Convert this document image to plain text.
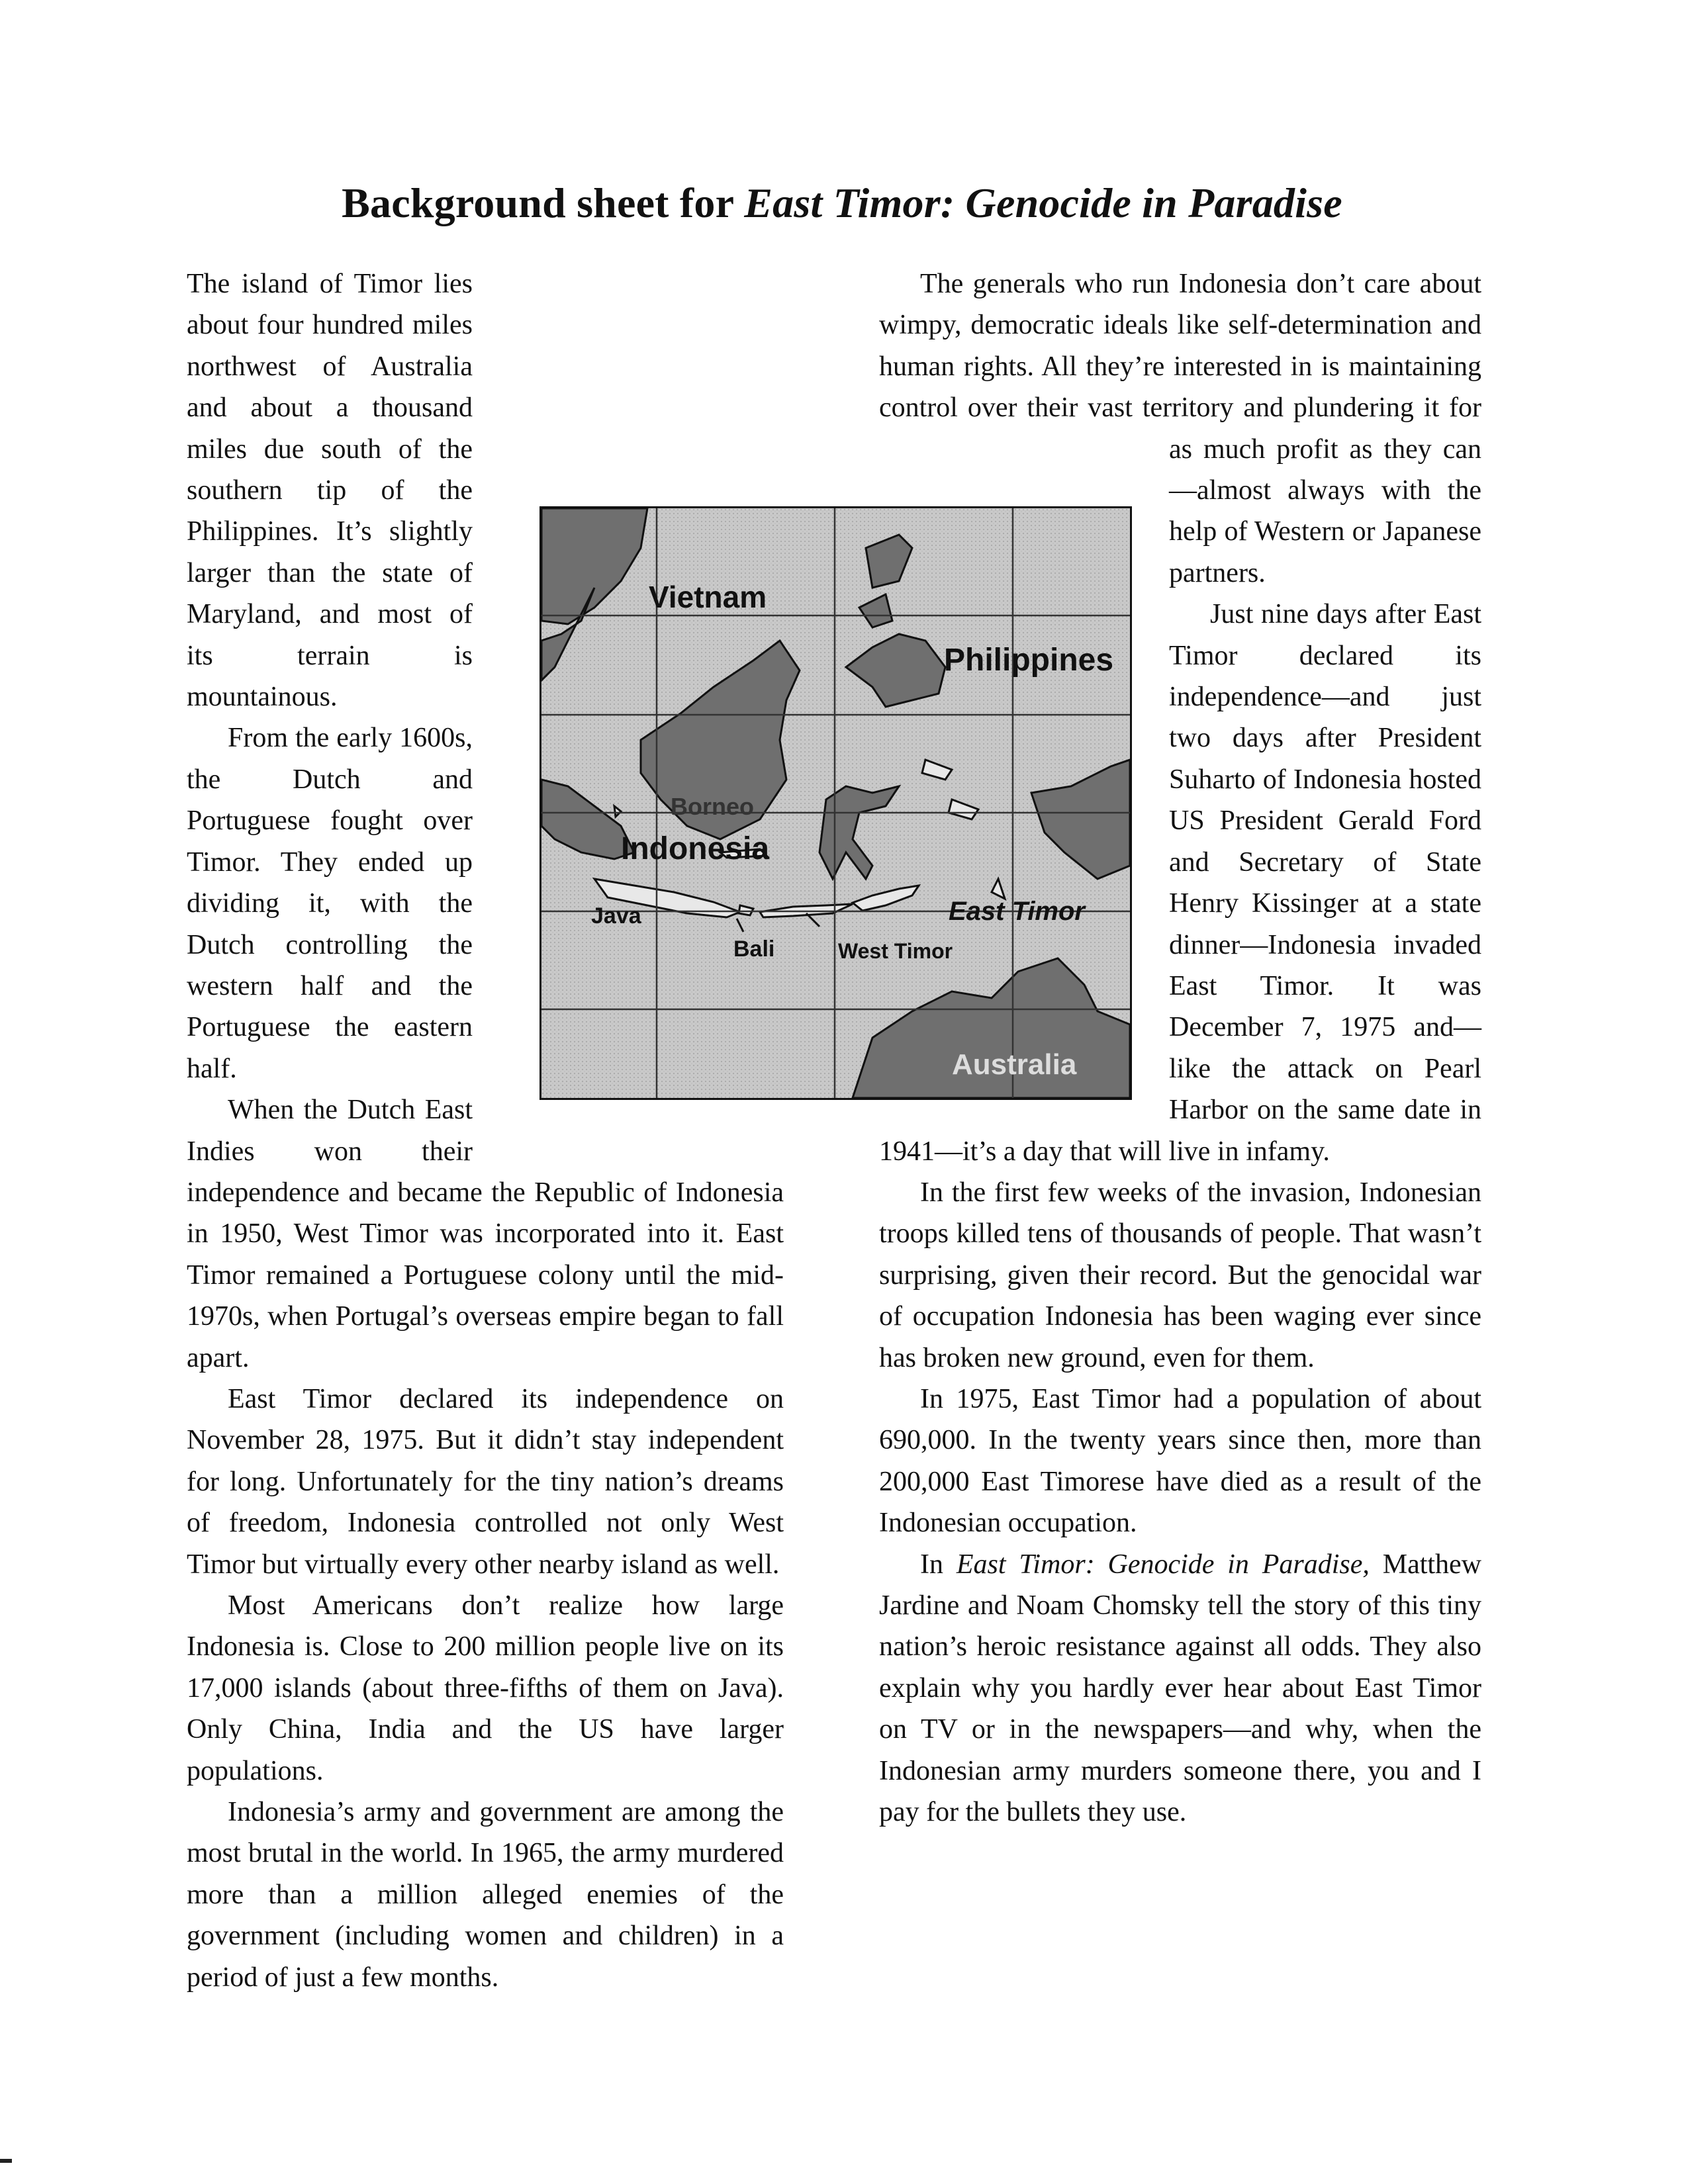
Background sheet for East Timor: Genocide in Paradise

The island of Timor lies about four hundred miles northwest of Australia and about a thousand miles due south of the southern tip of the Philippines. It’s slightly larger than the state of Maryland, and most of its terrain is mountainous.

From the early 1600s, the Dutch and Portuguese fought over Timor. They ended up dividing it, with the Dutch controlling the western half and the Portuguese the eastern half.

When the Dutch East Indies won their independence and became the Republic of Indonesia in 1950, West Timor was incorporated into it. East Timor remained a Portuguese colony until the mid-1970s, when Portugal’s overseas empire began to fall apart.

East Timor declared its independence on November 28, 1975. But it didn’t stay independent for long. Unfortunately for the tiny nation’s dreams of freedom, Indonesia controlled not only West Timor but virtually every other nearby island as well.

Most Americans don’t realize how large Indonesia is. Close to 200 million people live on its 17,000 islands (about three-fifths of them on Java). Only China, India and the US have larger populations.

Indonesia’s army and government are among the most brutal in the world. In 1965, the army murdered more than a million alleged enemies of the government (including women and children) in a period of just a few months.

The generals who run Indonesia don’t care about wimpy, democratic ideals like self-determination and human rights. All they’re interested in is maintaining control over their vast territory and plundering it for as much profit as they can—almost always with the help of Western or Japanese partners.

Just nine days after East Timor declared its independence—and just two days after President Suharto of Indonesia hosted US President Gerald Ford and Secretary of State Henry Kissinger at a state dinner—Indonesia invaded East Timor. It was December 7, 1975 and—like the attack on Pearl Harbor on the same date in 1941—it’s a day that will live in infamy.

In the first few weeks of the invasion, Indonesian troops killed tens of thousands of people. That wasn’t surprising, given their record. But the genocidal war of occupation Indonesia has been waging ever since has broken new ground, even for them.

In 1975, East Timor had a population of about 690,000. In the twenty years since then, more than 200,000 East Timorese have died as a result of the Indonesian occupation.

In East Timor: Genocide in Paradise, Matthew Jardine and Noam Chomsky tell the story of this tiny nation’s heroic resistance against all odds. They also explain why you hardly ever hear about East Timor on TV or in the newspapers—and why, when the Indonesian army murders someone there, you and I pay for the bullets they use.

Vietnam
Philippines
Borneo
Indonesia
Java
Bali
East Timor
West Timor
Australia
